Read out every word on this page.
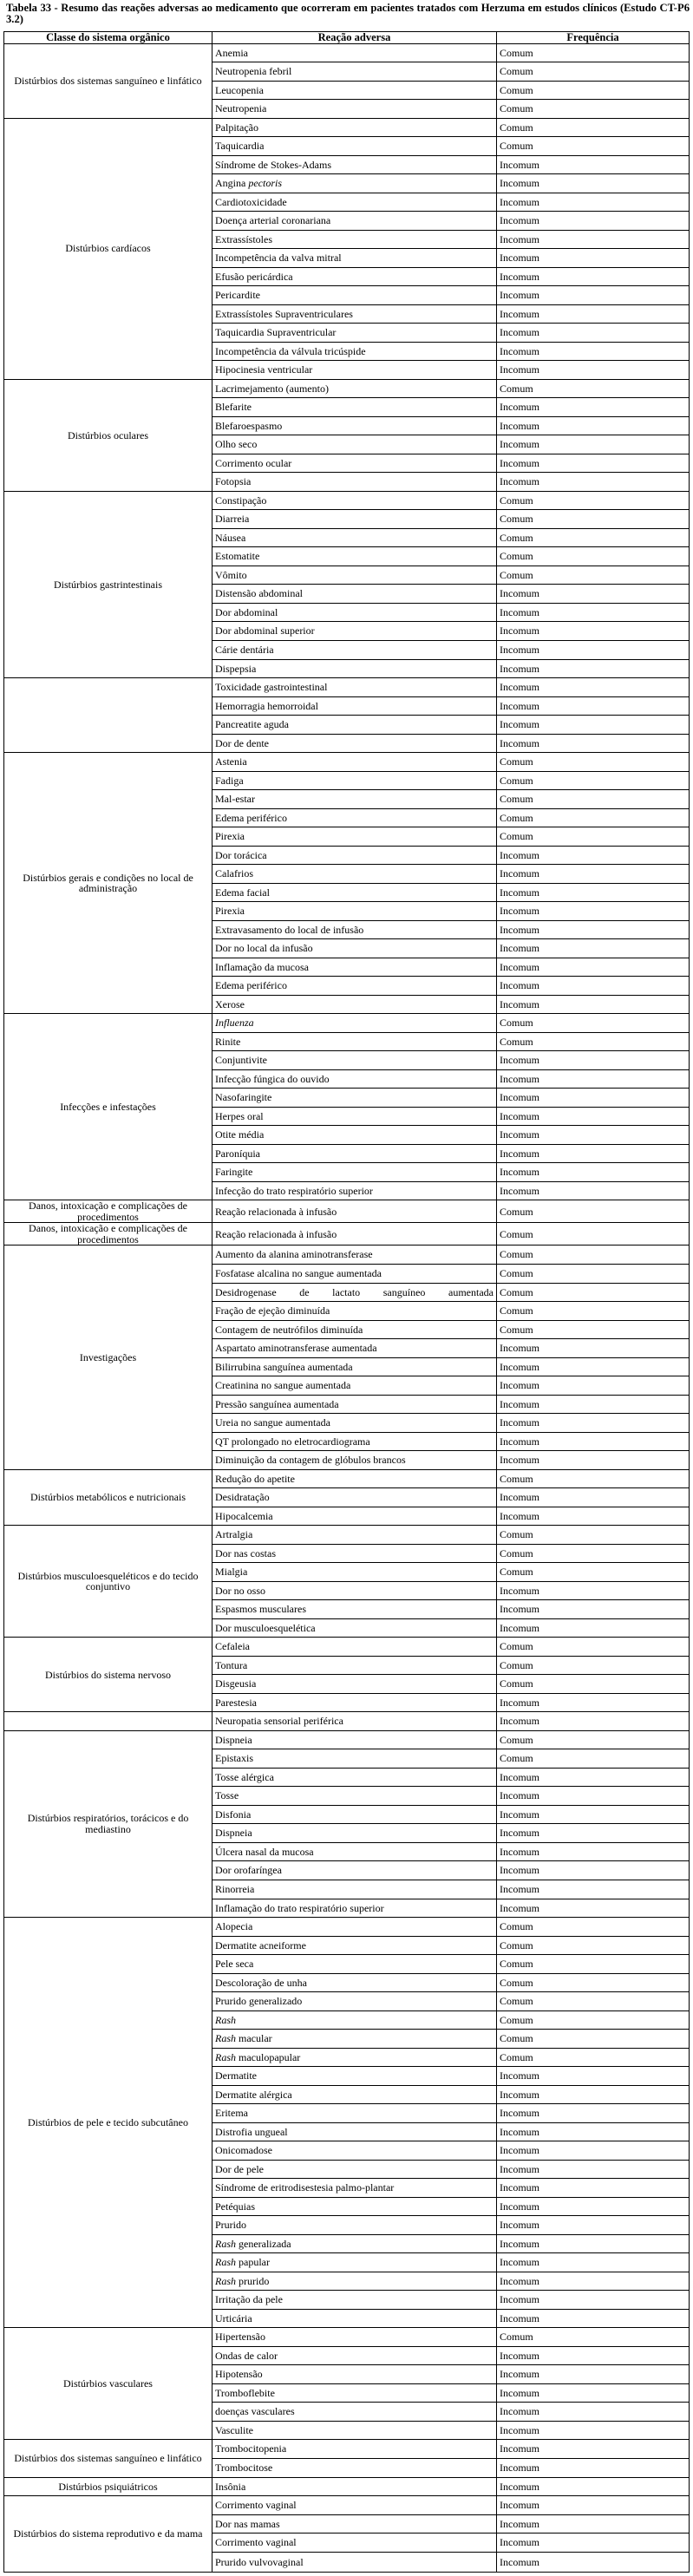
Tabela 33 - Resumo das reações adversas ao medicamento que ocorreram em pacientes tratados com Herzuma em estudos clínicos (Estudo CT-P6 3.2)
Classe do sistema orgânico	Reação adversa	Frequência
Distúrbios dos sistemas sanguíneo e linfático	Anemia	Comum
	Neutropenia febril	Comum
	Leucopenia	Comum
	Neutropenia	Comum
Distúrbios cardíacos	Palpitação	Comum
	Taquicardia	Comum
	Síndrome de Stokes-Adams	Incomum
	Angina pectoris	Incomum
	Cardiotoxicidade	Incomum
	Doença arterial coronariana	Incomum
	Extrassístoles	Incomum
	Incompetência da valva mitral	Incomum
	Efusão pericárdica	Incomum
	Pericardite	Incomum
	Extrassístoles Supraventriculares	Incomum
	Taquicardia Supraventricular	Incomum
	Incompetência da válvula tricúspide	Incomum
	Hipocinesia ventricular	Incomum
Distúrbios oculares	Lacrimejamento (aumento)	Comum
	Blefarite	Incomum
	Blefaroespasmo	Incomum
	Olho seco	Incomum
	Corrimento ocular	Incomum
	Fotopsia	Incomum
Distúrbios gastrintestinais	Constipação	Comum
	Diarreia	Comum
	Náusea	Comum
	Estomatite	Comum
	Vômito	Comum
	Distensão abdominal	Incomum
	Dor abdominal	Incomum
	Dor abdominal superior	Incomum
	Cárie dentária	Incomum
	Dispepsia	Incomum
	Toxicidade gastrointestinal	Incomum
	Hemorragia hemorroidal	Incomum
	Pancreatite aguda	Incomum
	Dor de dente	Incomum
Distúrbios gerais e condições no local de administração	Astenia	Comum
	Fadiga	Comum
	Mal-estar	Comum
	Edema periférico	Comum
	Pirexia	Comum
	Dor torácica	Incomum
	Calafrios	Incomum
	Edema facial	Incomum
	Pirexia	Incomum
	Extravasamento do local de infusão	Incomum
	Dor no local da infusão	Incomum
	Inflamação da mucosa	Incomum
	Edema periférico	Incomum
	Xerose	Incomum
Infecções e infestações	Influenza	Comum
	Rinite	Comum
	Conjuntivite	Incomum
	Infecção fúngica do ouvido	Incomum
	Nasofaringite	Incomum
	Herpes oral	Incomum
	Otite média	Incomum
	Paroníquia	Incomum
	Faringite	Incomum
	Infecção do trato respiratório superior	Incomum
Danos, intoxicação e complicações de procedimentos	Reação relacionada à infusão	Comum
Danos, intoxicação e complicações de procedimentos	Reação relacionada à infusão	Comum
Investigações	Aumento da alanina aminotransferase	Comum
	Fosfatase alcalina no sangue aumentada	Comum
	Desidrogenase de lactato sanguíneo aumentada	Comum
	Fração de ejeção diminuída	Comum
	Contagem de neutrófilos diminuída	Comum
	Aspartato aminotransferase aumentada	Incomum
	Bilirrubina sanguínea aumentada	Incomum
	Creatinina no sangue aumentada	Incomum
	Pressão sanguínea aumentada	Incomum
	Ureia no sangue aumentada	Incomum
	QT prolongado no eletrocardiograma	Incomum
	Diminuição da contagem de glóbulos brancos	Incomum
Distúrbios metabólicos e nutricionais	Redução do apetite	Comum
	Desidratação	Incomum
	Hipocalcemia	Incomum
Distúrbios musculoesqueléticos e do tecido conjuntivo	Artralgia	Comum
	Dor nas costas	Comum
	Mialgia	Comum
	Dor no osso	Incomum
	Espasmos musculares	Incomum
	Dor musculoesquelética	Incomum
Distúrbios do sistema nervoso	Cefaleia	Comum
	Tontura	Comum
	Disgeusia	Comum
	Parestesia	Incomum
	Neuropatia sensorial periférica	Incomum
Distúrbios respiratórios, torácicos e do mediastino	Dispneia	Comum
	Epistaxis	Comum
	Tosse alérgica	Incomum
	Tosse	Incomum
	Disfonia	Incomum
	Dispneia	Incomum
	Úlcera nasal da mucosa	Incomum
	Dor orofaríngea	Incomum
	Rinorreia	Incomum
	Inflamação do trato respiratório superior	Incomum
Distúrbios de pele e tecido subcutâneo	Alopecia	Comum
	Dermatite acneiforme	Comum
	Pele seca	Comum
	Descoloração de unha	Comum
	Prurido generalizado	Comum
	Rash	Comum
	Rash macular	Comum
	Rash maculopapular	Comum
	Dermatite	Incomum
	Dermatite alérgica	Incomum
	Eritema	Incomum
	Distrofia ungueal	Incomum
	Onicomadose	Incomum
	Dor de pele	Incomum
	Síndrome de eritrodisestesia palmo-plantar	Incomum
	Petéquias	Incomum
	Prurido	Incomum
	Rash generalizada	Incomum
	Rash papular	Incomum
	Rash prurido	Incomum
	Irritação da pele	Incomum
	Urticária	Incomum
Distúrbios vasculares	Hipertensão	Comum
	Ondas de calor	Incomum
	Hipotensão	Incomum
	Tromboflebite	Incomum
	doenças vasculares	Incomum
	Vasculite	Incomum
Distúrbios dos sistemas sanguíneo e linfático	Trombocitopenia	Incomum
	Trombocitose	Incomum
Distúrbios psiquiátricos	Insônia	Incomum
Distúrbios do sistema reprodutivo e da mama	Corrimento vaginal	Incomum
	Dor nas mamas	Incomum
	Corrimento vaginal	Incomum
	Prurido vulvovaginal	Incomum
